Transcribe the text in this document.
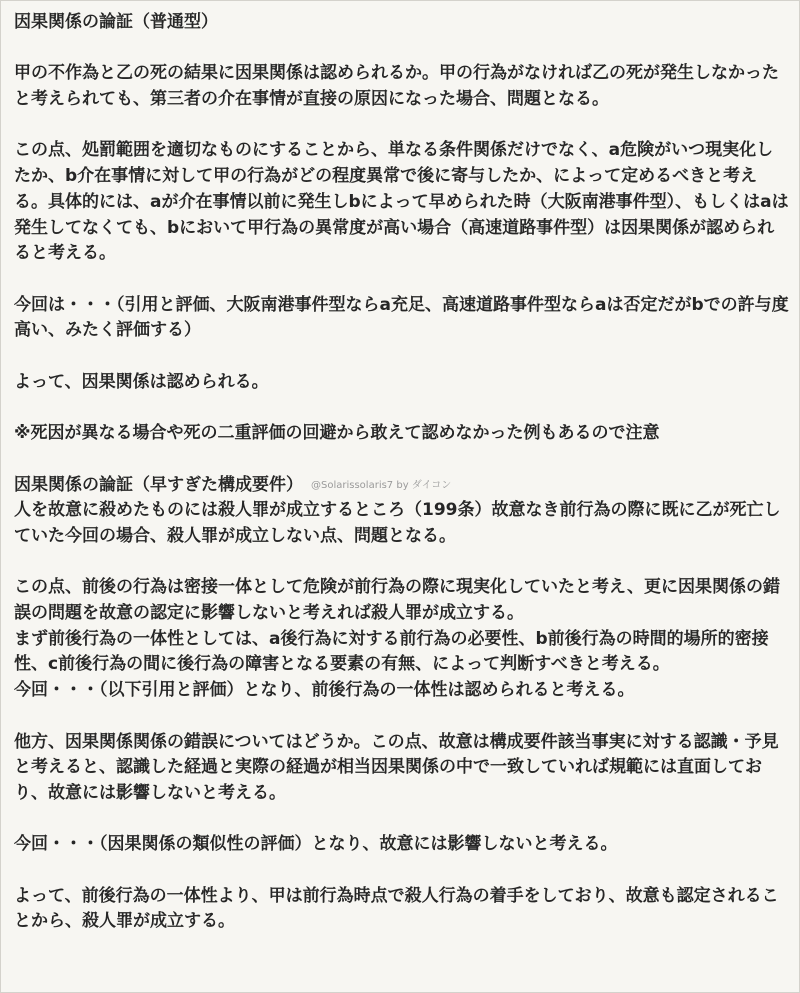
因果関係の論証（普通型）

甲の不作為と乙の死の結果に因果関係は認められるか。甲の行為がなければ乙の死が発生しなかったと考えられても、第三者の介在事情が直接の原因になった場合、問題となる。

この点、処罰範囲を適切なものにすることから、単なる条件関係だけでなく、a危険がいつ現実化したか、b介在事情に対して甲の行為がどの程度異常で後に寄与したか、によって定めるべきと考える。具体的には、aが介在事情以前に発生しbによって早められた時（大阪南港事件型）、もしくはaは発生してなくても、bにおいて甲行為の異常度が高い場合（高速道路事件型）は因果関係が認められると考える。

今回は・・・（引用と評価、大阪南港事件型ならa充足、高速道路事件型ならaは否定だがbでの許与度高い、みたく評価する）

よって、因果関係は認められる。

※死因が異なる場合や死の二重評価の回避から敢えて認めなかった例もあるので注意

因果関係の論証（早すぎた構成要件） @Solarissolaris7 by ダイコン

人を故意に殺めたものには殺人罪が成立するところ（199条）故意なき前行為の際に既に乙が死亡していた今回の場合、殺人罪が成立しない点、問題となる。

この点、前後の行為は密接一体として危険が前行為の際に現実化していたと考え、更に因果関係の錯誤の問題を故意の認定に影響しないと考えれば殺人罪が成立する。

まず前後行為の一体性としては、a後行為に対する前行為の必要性、b前後行為の時間的場所的密接性、c前後行為の間に後行為の障害となる要素の有無、によって判断すべきと考える。

今回・・・（以下引用と評価）となり、前後行為の一体性は認められると考える。

他方、因果関係関係の錯誤についてはどうか。この点、故意は構成要件該当事実に対する認識・予見と考えると、認識した経過と実際の経過が相当因果関係の中で一致していれば規範には直面しており、故意には影響しないと考える。

今回・・・（因果関係の類似性の評価）となり、故意には影響しないと考える。

よって、前後行為の一体性より、甲は前行為時点で殺人行為の着手をしており、故意も認定されることから、殺人罪が成立する。
